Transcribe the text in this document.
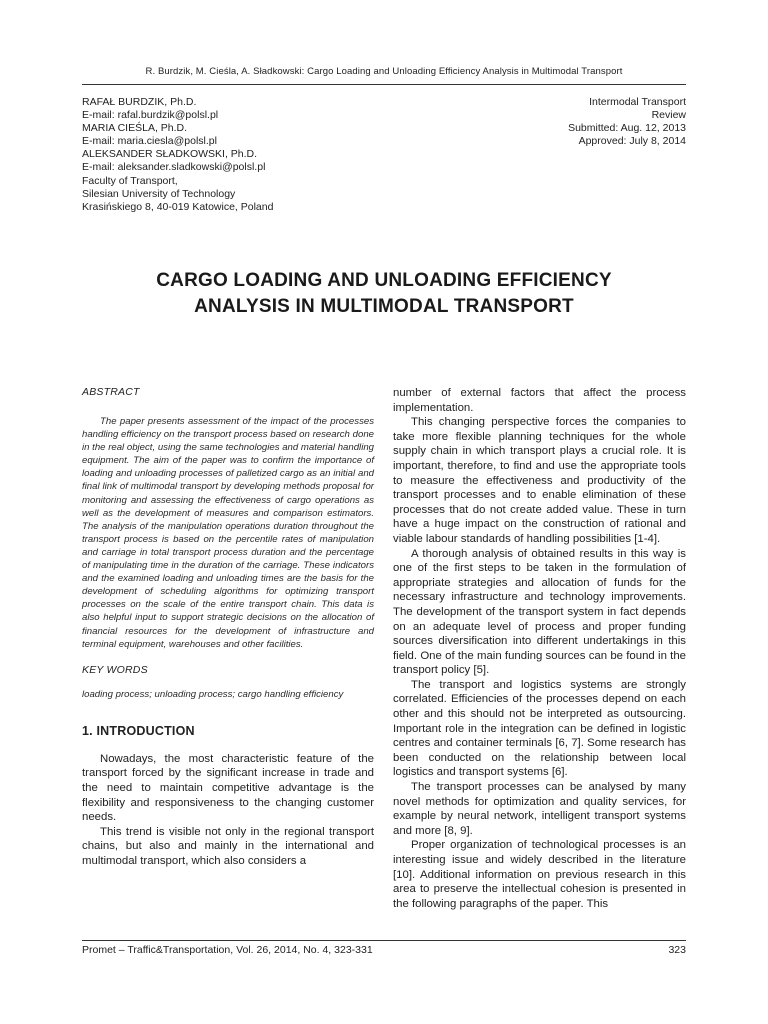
R. Burdzik, M. Cieśla, A. Sładkowski: Cargo Loading and Unloading Efficiency Analysis in Multimodal Transport
RAFAŁ BURDZIK, Ph.D.
E-mail: rafal.burdzik@polsl.pl
MARIA CIEŚLA, Ph.D.
E-mail: maria.ciesla@polsl.pl
ALEKSANDER SŁADKOWSKI, Ph.D.
E-mail: aleksander.sladkowski@polsl.pl
Faculty of Transport,
Silesian University of Technology
Krasińskiego 8, 40-019 Katowice, Poland
Intermodal Transport
Review
Submitted: Aug. 12, 2013
Approved: July 8, 2014
CARGO LOADING AND UNLOADING EFFICIENCY
ANALYSIS IN MULTIMODAL TRANSPORT
ABSTRACT
The paper presents assessment of the impact of the processes handling efficiency on the transport process based on research done in the real object, using the same technologies and material handling equipment. The aim of the paper was to confirm the importance of loading and unloading processes of palletized cargo as an initial and final link of multimodal transport by developing methods proposal for monitoring and assessing the effectiveness of cargo operations as well as the development of measures and comparison estimators. The analysis of the manipulation operations duration throughout the transport process is based on the percentile rates of manipulation and carriage in total transport process duration and the percentage of manipulating time in the duration of the carriage. These indicators and the examined loading and unloading times are the basis for the development of scheduling algorithms for optimizing transport processes on the scale of the entire transport chain. This data is also helpful input to support strategic decisions on the allocation of financial resources for the development of infrastructure and terminal equipment, warehouses and other facilities.
KEY WORDS
loading process; unloading process; cargo handling efficiency
1. INTRODUCTION

Nowadays, the most characteristic feature of the transport forced by the significant increase in trade and the need to maintain competitive advantage is the flexibility and responsiveness to the changing customer needs.

This trend is visible not only in the regional transport chains, but also and mainly in the international and multimodal transport, which also considers a

number of external factors that affect the process implementation.

This changing perspective forces the companies to take more flexible planning techniques for the whole supply chain in which transport plays a crucial role. It is important, therefore, to find and use the appropriate tools to measure the effectiveness and productivity of the transport processes and to enable elimination of these processes that do not create added value. These in turn have a huge impact on the construction of rational and viable labour standards of handling possibilities [1-4].

A thorough analysis of obtained results in this way is one of the first steps to be taken in the formulation of appropriate strategies and allocation of funds for the necessary infrastructure and technology improvements. The development of the transport system in fact depends on an adequate level of process and proper funding sources diversification into different undertakings in this field. One of the main funding sources can be found in the transport policy [5].

The transport and logistics systems are strongly correlated. Efficiencies of the processes depend on each other and this should not be interpreted as outsourcing. Important role in the integration can be defined in logistic centres and container terminals [6, 7]. Some research has been conducted on the relationship between local logistics and transport systems [6].

The transport processes can be analysed by many novel methods for optimization and quality services, for example by neural network, intelligent transport systems and more [8, 9].

Proper organization of technological processes is an interesting issue and widely described in the literature [10]. Additional information on previous research in this area to preserve the intellectual cohesion is presented in the following paragraphs of the paper. This

Promet – Traffic&Transportation, Vol. 26, 2014, No. 4, 323-331	323
